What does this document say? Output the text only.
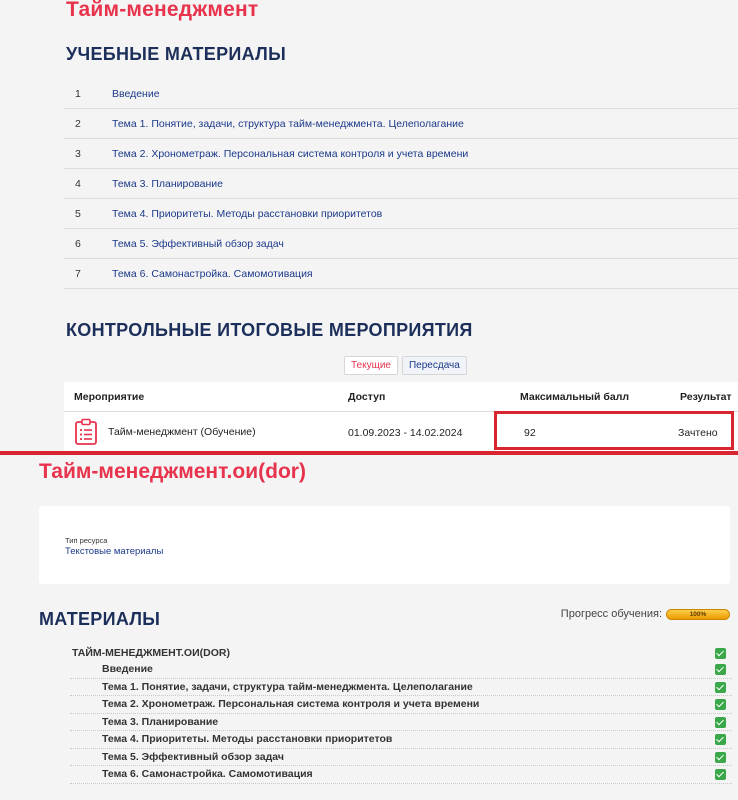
Тайм-менеджмент
УЧЕБНЫЕ МАТЕРИАЛЫ
1	Введение
2	Тема 1. Понятие, задачи, структура тайм-менеджмента. Целеполагание
3	Тема 2. Хронометраж. Персональная система контроля и учета времени
4	Тема 3. Планирование
5	Тема 4. Приоритеты. Методы расстановки приоритетов
6	Тема 5. Эффективный обзор задач
7	Тема 6. Самонастройка. Самомотивация
КОНТРОЛЬНЫЕ ИТОГОВЫЕ МЕРОПРИЯТИЯ
Текущие	Пересдача
Мероприятие	Доступ	Максимальный балл	Результат
Тайм-менеджмент (Обучение)	01.09.2023 - 14.02.2024	92	Зачтено
Тайм-менеджмент.ои(dor)
Тип ресурса
Текстовые материалы
МАТЕРИАЛЫ	Прогресс обучения:	100%
ТАЙМ-МЕНЕДЖМЕНТ.ОИ(DOR)
Введение
Тема 1. Понятие, задачи, структура тайм-менеджмента. Целеполагание
Тема 2. Хронометраж. Персональная система контроля и учета времени
Тема 3. Планирование
Тема 4. Приоритеты. Методы расстановки приоритетов
Тема 5. Эффективный обзор задач
Тема 6. Самонастройка. Самомотивация
